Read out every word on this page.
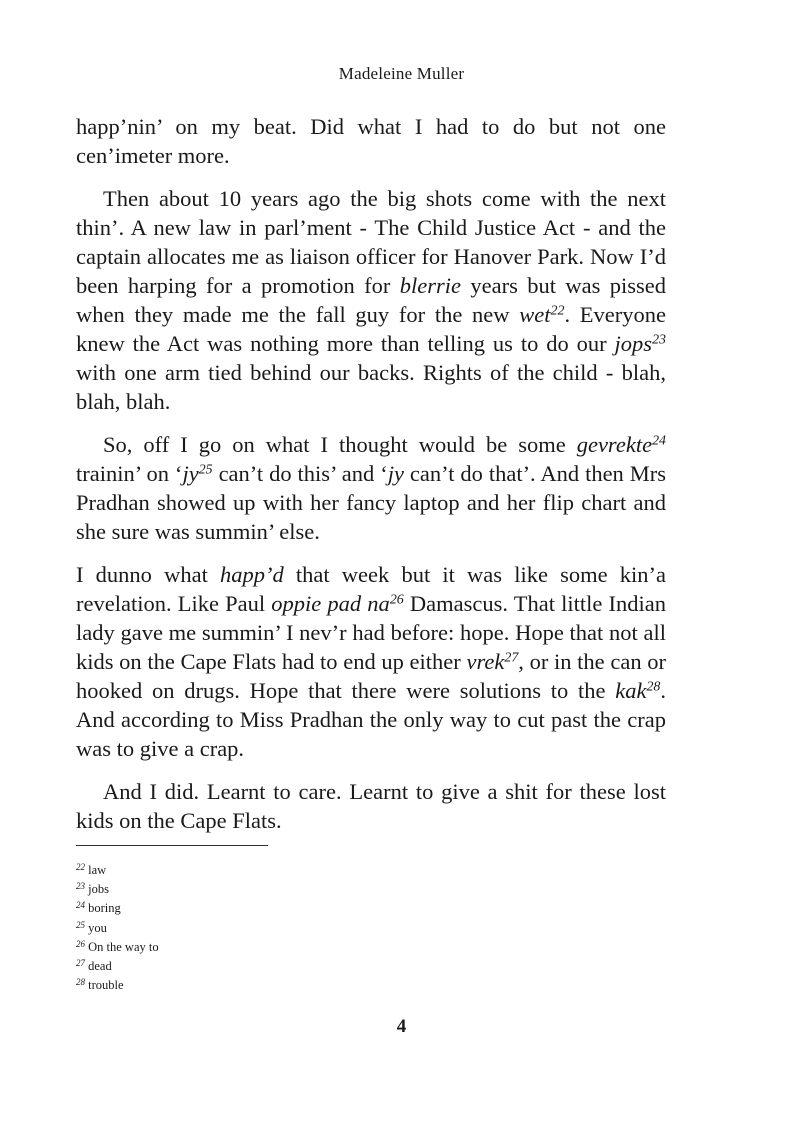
Madeleine Muller

happ’nin’ on my beat. Did what I had to do but not one cen’imeter more.

Then about 10 years ago the big shots come with the next thin’. A new law in parl’ment - The Child Justice Act - and the captain allocates me as liaison officer for Hanover Park. Now I’d been harping for a promotion for blerrie years but was pissed when they made me the fall guy for the new wet$^{22}$. Everyone knew the Act was nothing more than telling us to do our jops$^{23}$ with one arm tied behind our backs. Rights of the child - blah, blah, blah.

So, off I go on what I thought would be some gevrekte$^{24}$ trainin’ on ‘$jy^{25}$ can’t do this’ and ‘jy can’t do that’. And then Mrs Pradhan showed up with her fancy laptop and her flip chart and she sure was summin’ else.

I dunno what happ’d that week but it was like some kin’a revelation. Like Paul oppie pad $na^{26}$ Damascus. That little Indian lady gave me summin’ I nev’r had before: hope. Hope that not all kids on the Cape Flats had to end up either vrek$^{27}$, or in the can or hooked on drugs. Hope that there were solutions to the kak$^{28}$. And according to Miss Pradhan the only way to cut past the crap was to give a crap.

And I did. Learnt to care. Learnt to give a shit for these lost kids on the Cape Flats.

$^{22}$ law
$^{23}$ jobs
$^{24}$ boring
$^{25}$ you
$^{26}$ On the way to
$^{27}$ dead
$^{28}$ trouble
4
